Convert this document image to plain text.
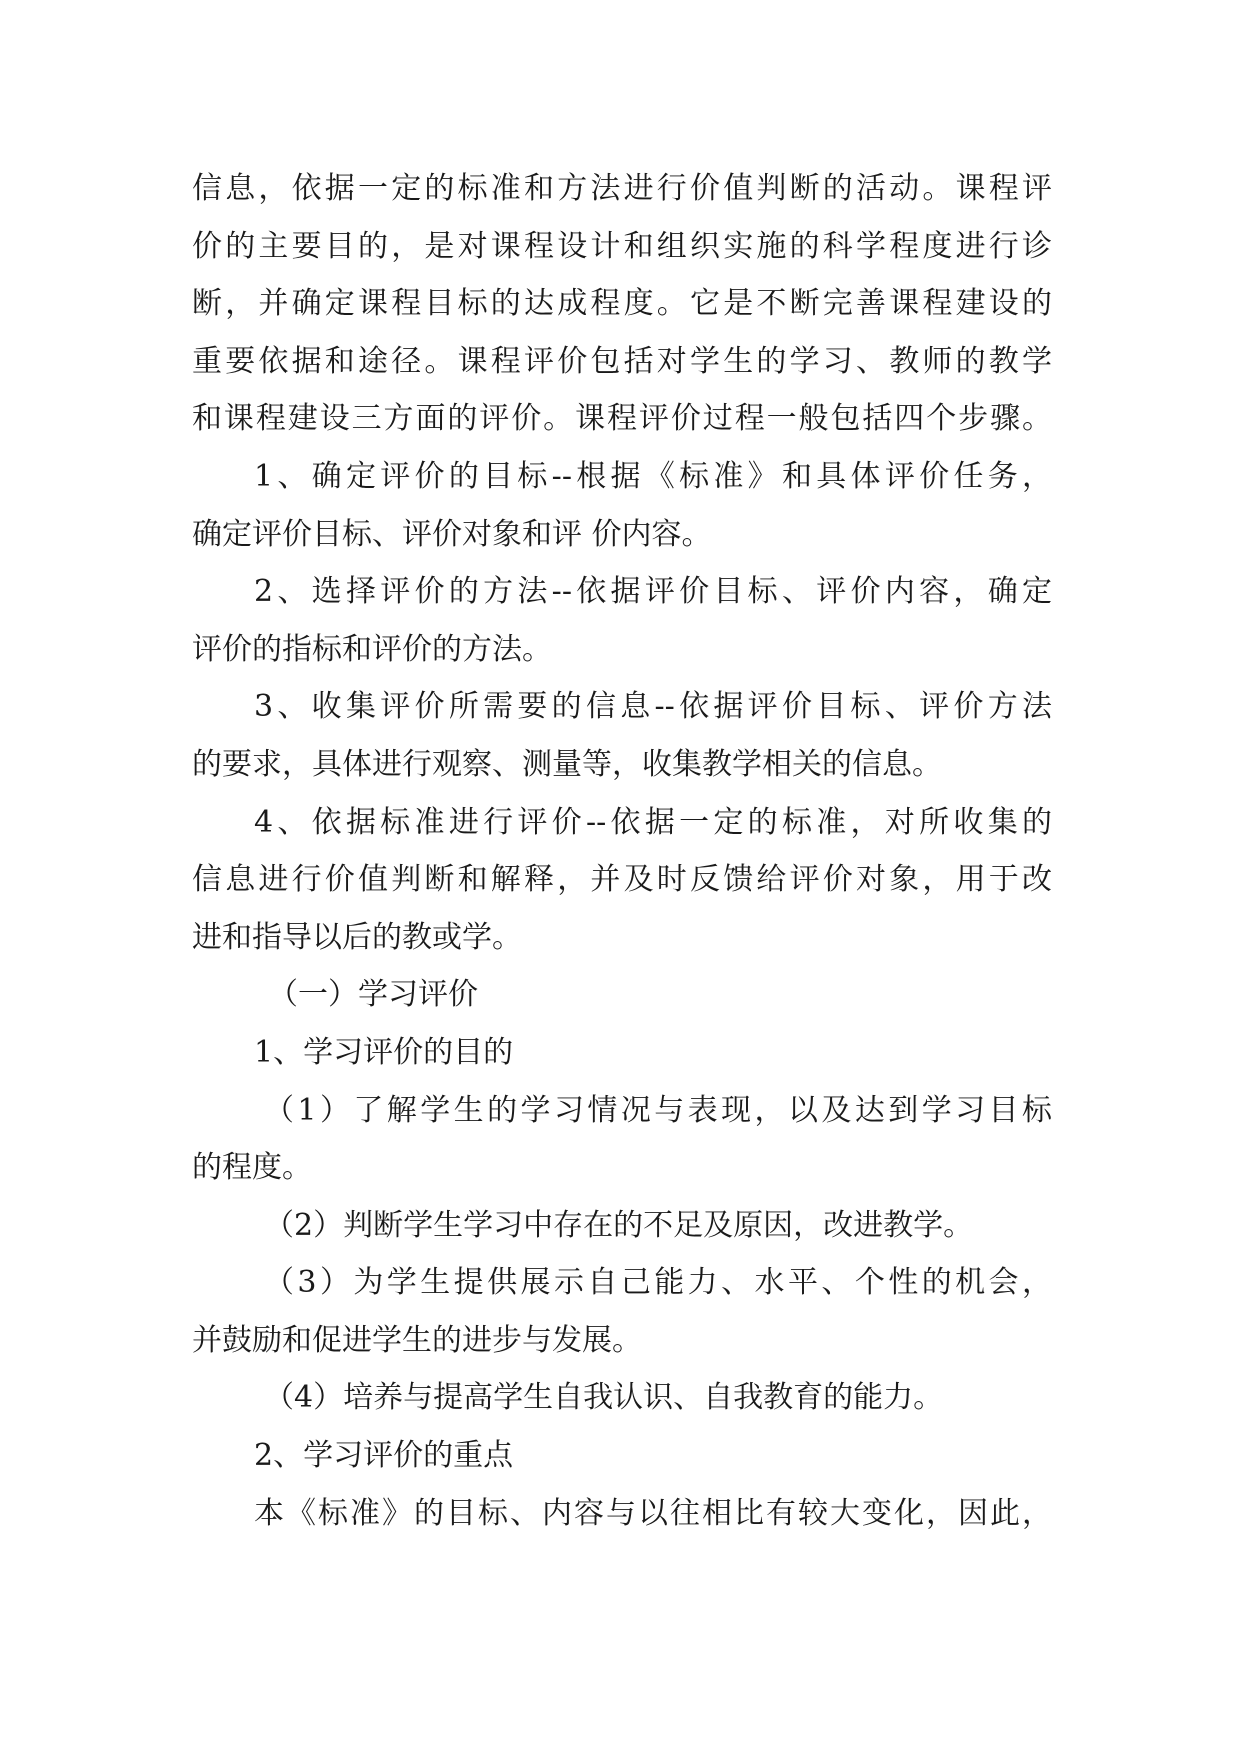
信息，依据一定的标准和方法进行价值判断的活动。课程评
价的主要目的，是对课程设计和组织实施的科学程度进行诊
断，并确定课程目标的达成程度。它是不断完善课程建设的
重要依据和途径。课程评价包括对学生的学习、教师的教学
和课程建设三方面的评价。课程评价过程一般包括四个步骤。
1、确定评价的目标--根据《标准》和具体评价任务，
确定评价目标、评价对象和评 价内容。
2、选择评价的方法--依据评价目标、评价内容，确定
评价的指标和评价的方法。
3、收集评价所需要的信息--依据评价目标、评价方法
的要求，具体进行观察、测量等，收集教学相关的信息。
4、依据标准进行评价--依据一定的标准，对所收集的
信息进行价值判断和解释，并及时反馈给评价对象，用于改
进和指导以后的教或学。
（一）学习评价
1、学习评价的目的
（1）了解学生的学习情况与表现，以及达到学习目标
的程度。
（2）判断学生学习中存在的不足及原因，改进教学。
（3）为学生提供展示自己能力、水平、个性的机会，
并鼓励和促进学生的进步与发展。
（4）培养与提高学生自我认识、自我教育的能力。
2、学习评价的重点
本《标准》的目标、内容与以往相比有较大变化，因此，
